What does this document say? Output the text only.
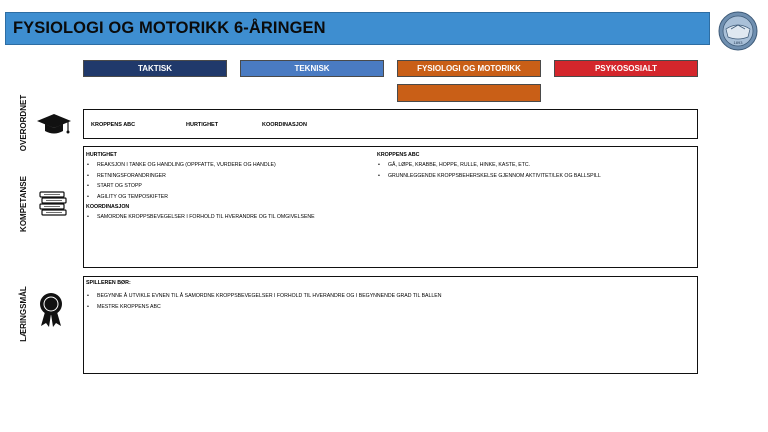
FYSIOLOGI OG MOTORIKK 6-ÅRINGEN
1893
TAKTISK	TEKNISK	FYSIOLOGI OG MOTORIKK	PSYKOSOSIALT
OVERORDNET	KROPPENS ABC	HURTIGHET	KOORDINASJON
KOMPETANSE
HURTIGHET
• REAKSJON I TANKE OG HANDLING (OPPFATTE, VURDERE OG HANDLE)
• RETNINGSFORANDRINGER
• START OG STOPP
• AGILITY OG TEMPOSKIFTER
KOORDINASJON
• SAMORDNE KROPPSBEVEGELSER I FORHOLD TIL HVERANDRE OG TIL OMGIVELSENE
KROPPENS ABC
• GÅ, LØPE, KRABBE, HOPPE, RULLE, HINKE, KASTE, ETC.
• GRUNNLEGGENDE KROPPSBEHERSKELSE GJENNOM AKTIVITET/LEK OG BALLSPILL
LÆRINGSMÅL
SPILLEREN BØR:
• BEGYNNE Å UTVIKLE EVNEN TIL Å SAMORDNE KROPPSBEVEGELSER I FORHOLD TIL HVERANDRE OG I BEGYNNENDE GRAD TIL BALLEN
• MESTRE KROPPENS ABC
